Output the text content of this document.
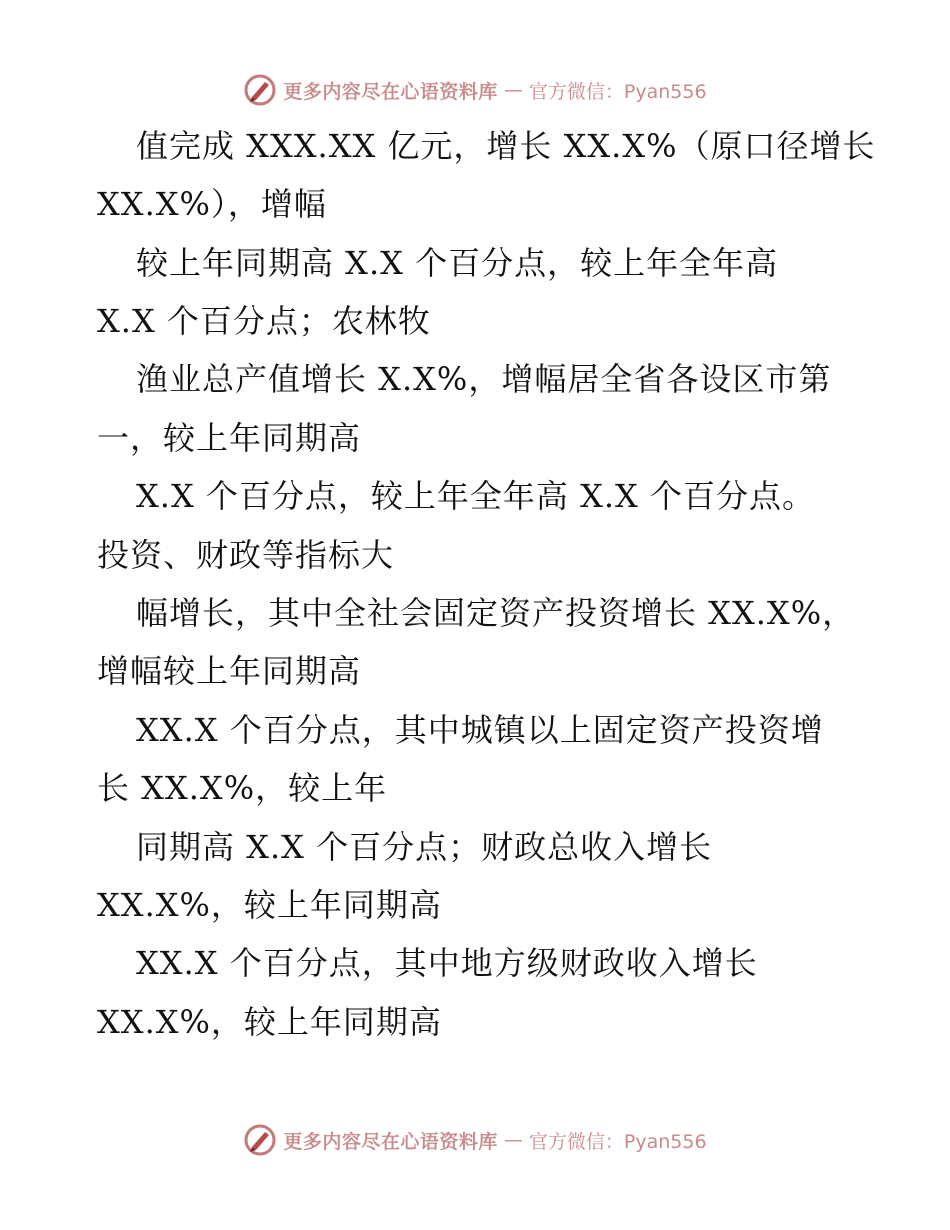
更多内容尽在心语资料库 — 官方微信：Pyan556
值完成 XXX.XX 亿元，增长 XX.X%（原口径增长
XX.X%），增幅
较上年同期高 X.X 个百分点，较上年全年高
X.X 个百分点；农林牧
渔业总产值增长 X.X%，增幅居全省各设区市第
一，较上年同期高
X.X 个百分点，较上年全年高 X.X 个百分点。
投资、财政等指标大
幅增长，其中全社会固定资产投资增长 XX.X%，
增幅较上年同期高
XX.X 个百分点，其中城镇以上固定资产投资增
长 XX.X%，较上年
同期高 X.X 个百分点；财政总收入增长
XX.X%，较上年同期高
XX.X 个百分点，其中地方级财政收入增长
XX.X%，较上年同期高
更多内容尽在心语资料库 — 官方微信：Pyan556
